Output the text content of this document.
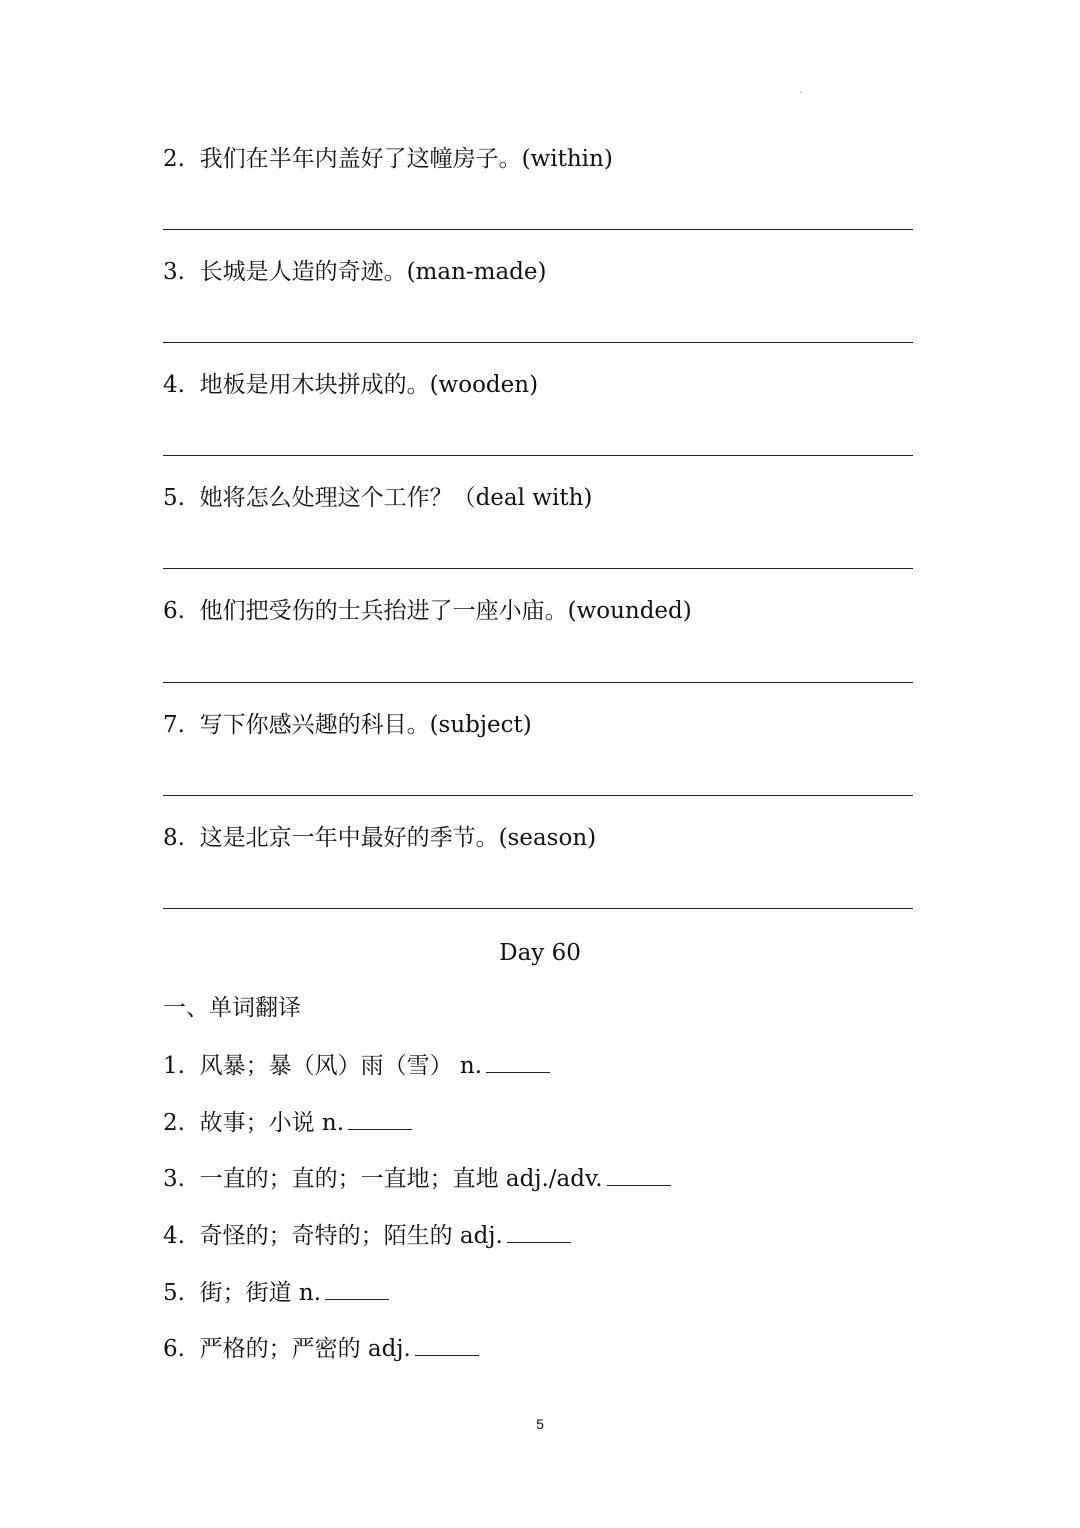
2. 我们在半年内盖好了这幢房子。(within)
3. 长城是人造的奇迹。(man-made)
4. 地板是用木块拼成的。(wooden)
5. 她将怎么处理这个工作？（deal with)
6. 他们把受伤的士兵抬进了一座小庙。(wounded)
7. 写下你感兴趣的科目。(subject)
8. 这是北京一年中最好的季节。(season)
Day 60
一、单词翻译
1. 风暴；暴（风）雨（雪） n.
2. 故事；小说 n.
3. 一直的；直的；一直地；直地 adj./adv.
4. 奇怪的；奇特的；陌生的 adj.
5. 街；街道 n.
6. 严格的；严密的 adj.
5
